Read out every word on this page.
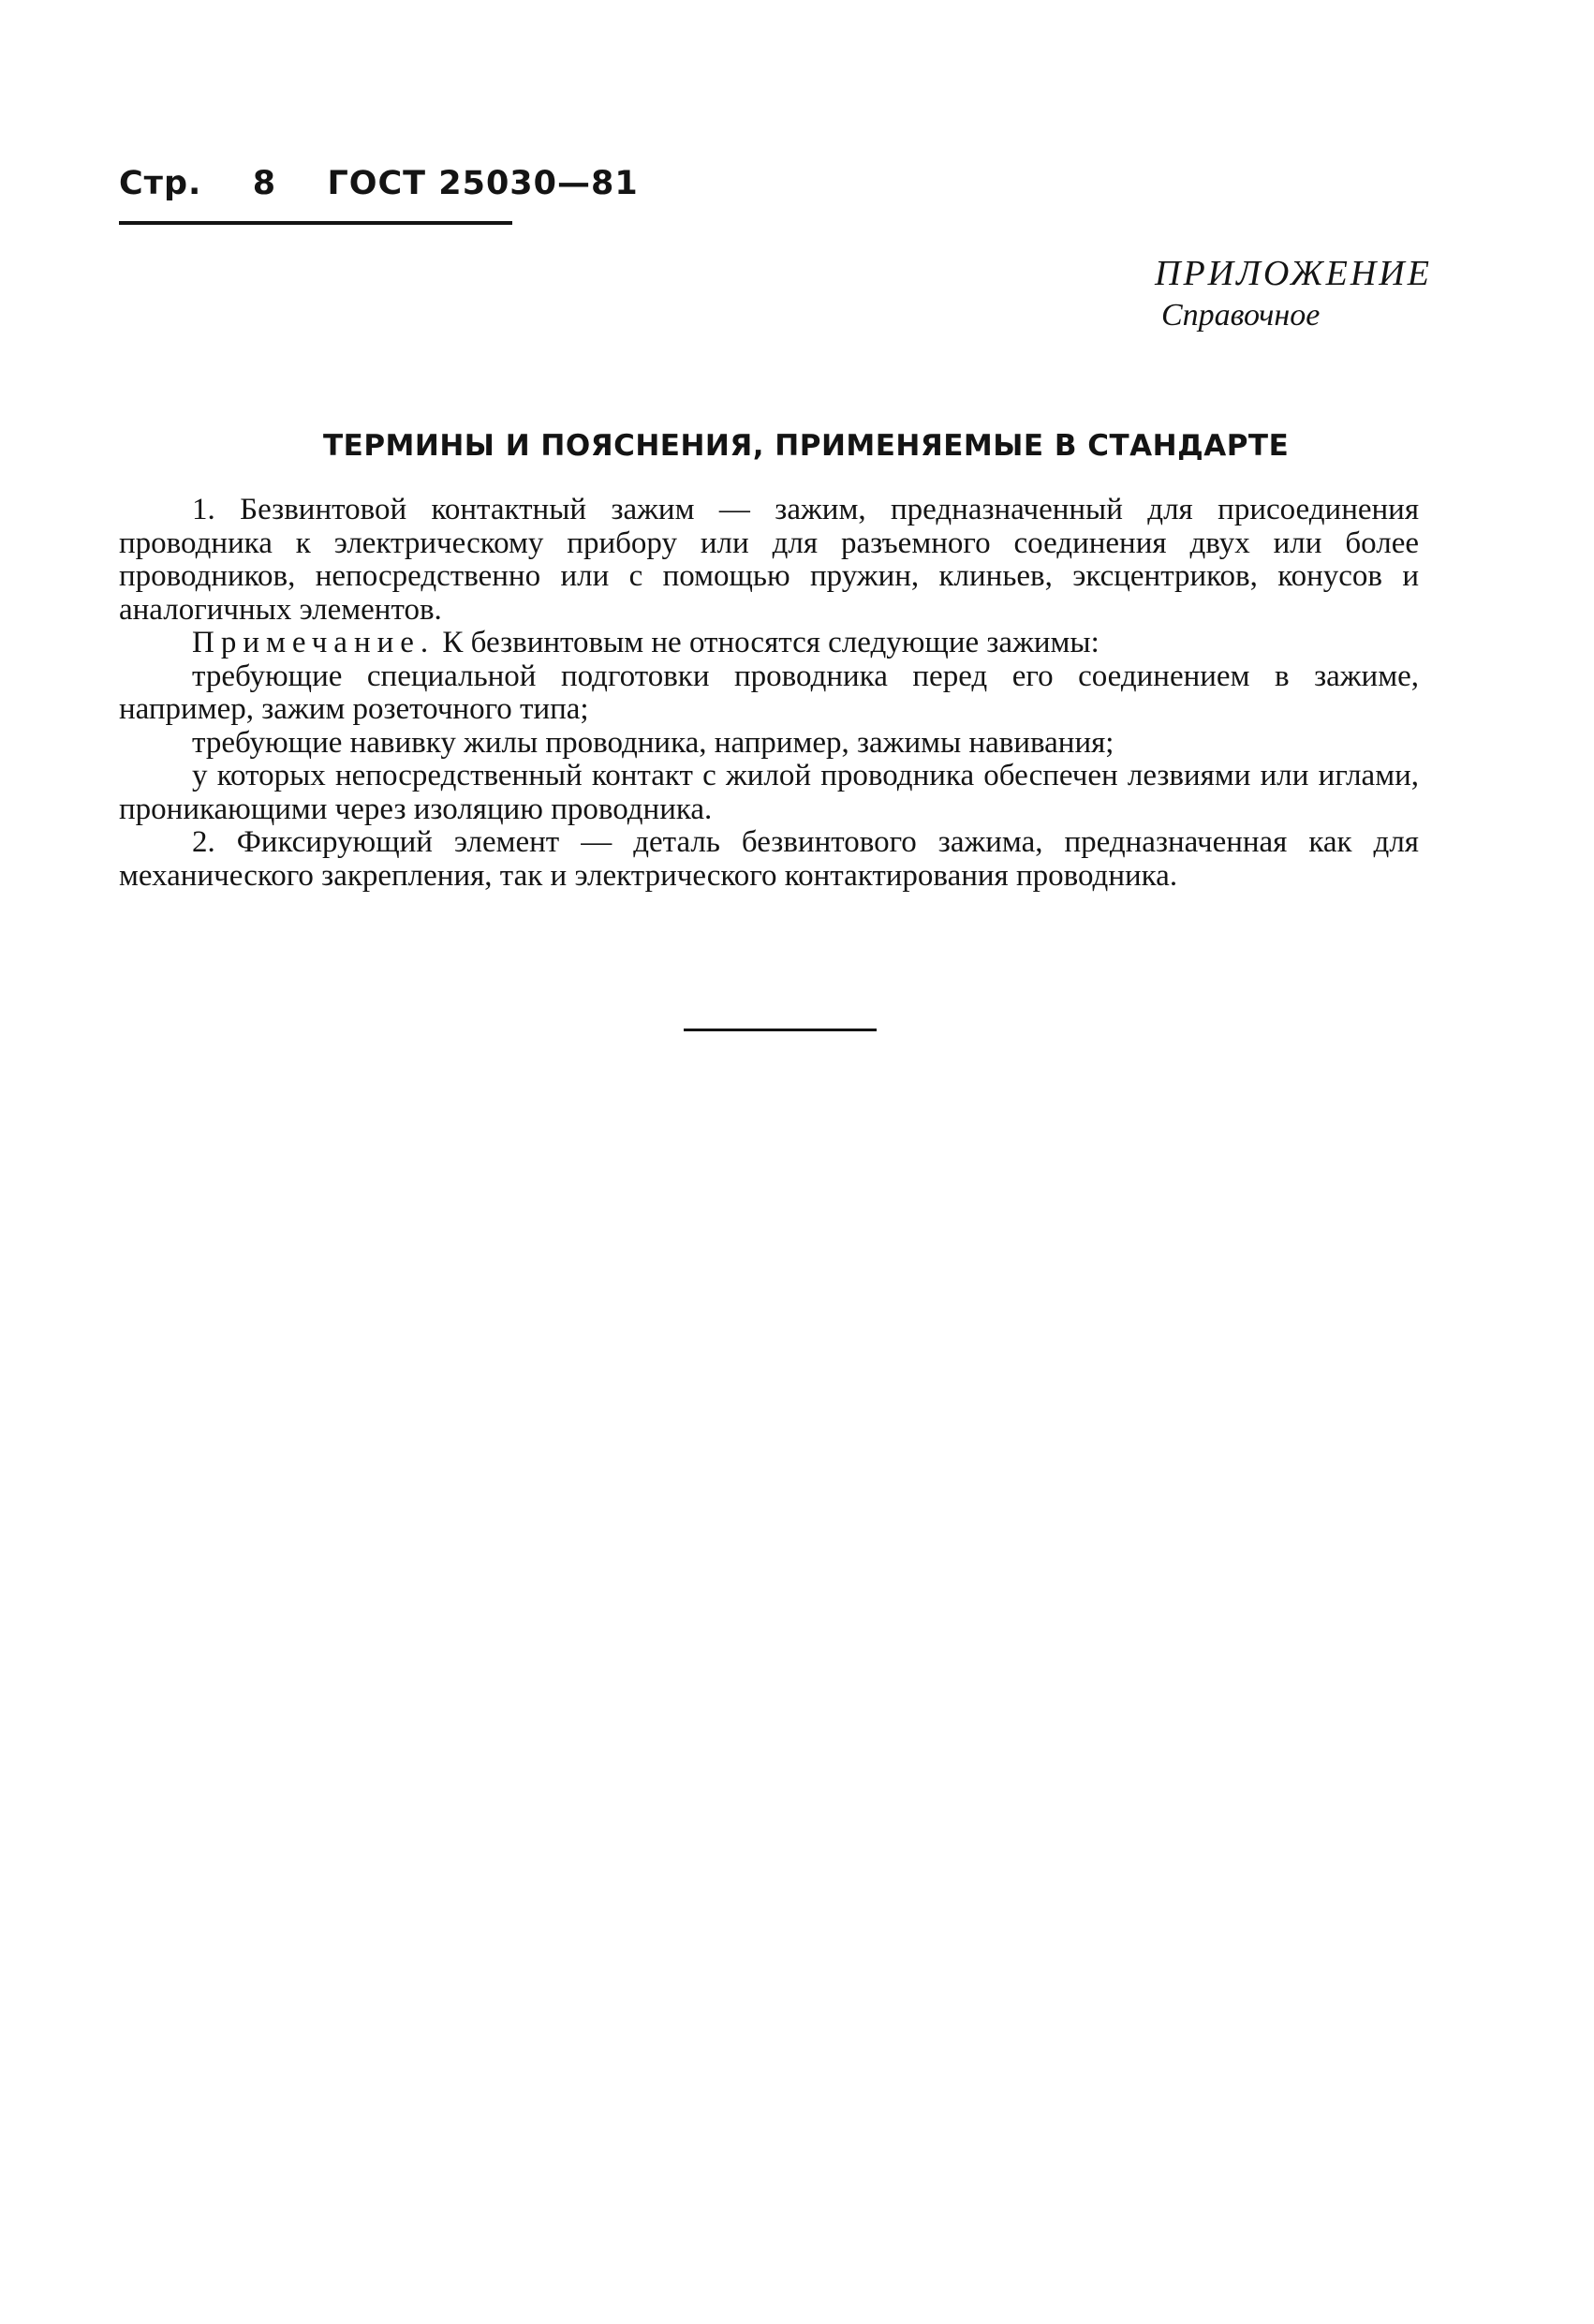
Стр. 8 ГОСТ 25030—81
ПРИЛОЖЕНИЕ
Справочное
ТЕРМИНЫ И ПОЯСНЕНИЯ, ПРИМЕНЯЕМЫЕ В СТАНДАРТЕ

1. Безвинтовой контактный зажим — зажим, предназначенный для присоединения проводника к электрическому прибору или для разъемного соединения двух или более проводников, непосредственно или с помощью пружин, клиньев, эксцентриков, конусов и аналогичных элементов.

Примечание. К безвинтовым не относятся следующие зажимы:

требующие специальной подготовки проводника перед его соединением в зажиме, например, зажим розеточного типа;

требующие навивку жилы проводника, например, зажимы навивания;

у которых непосредственный контакт с жилой проводника обеспечен лезвиями или иглами, проникающими через изоляцию проводника.

2. Фиксирующий элемент — деталь безвинтового зажима, предназначенная как для механического закрепления, так и электрического контактирования проводника.
